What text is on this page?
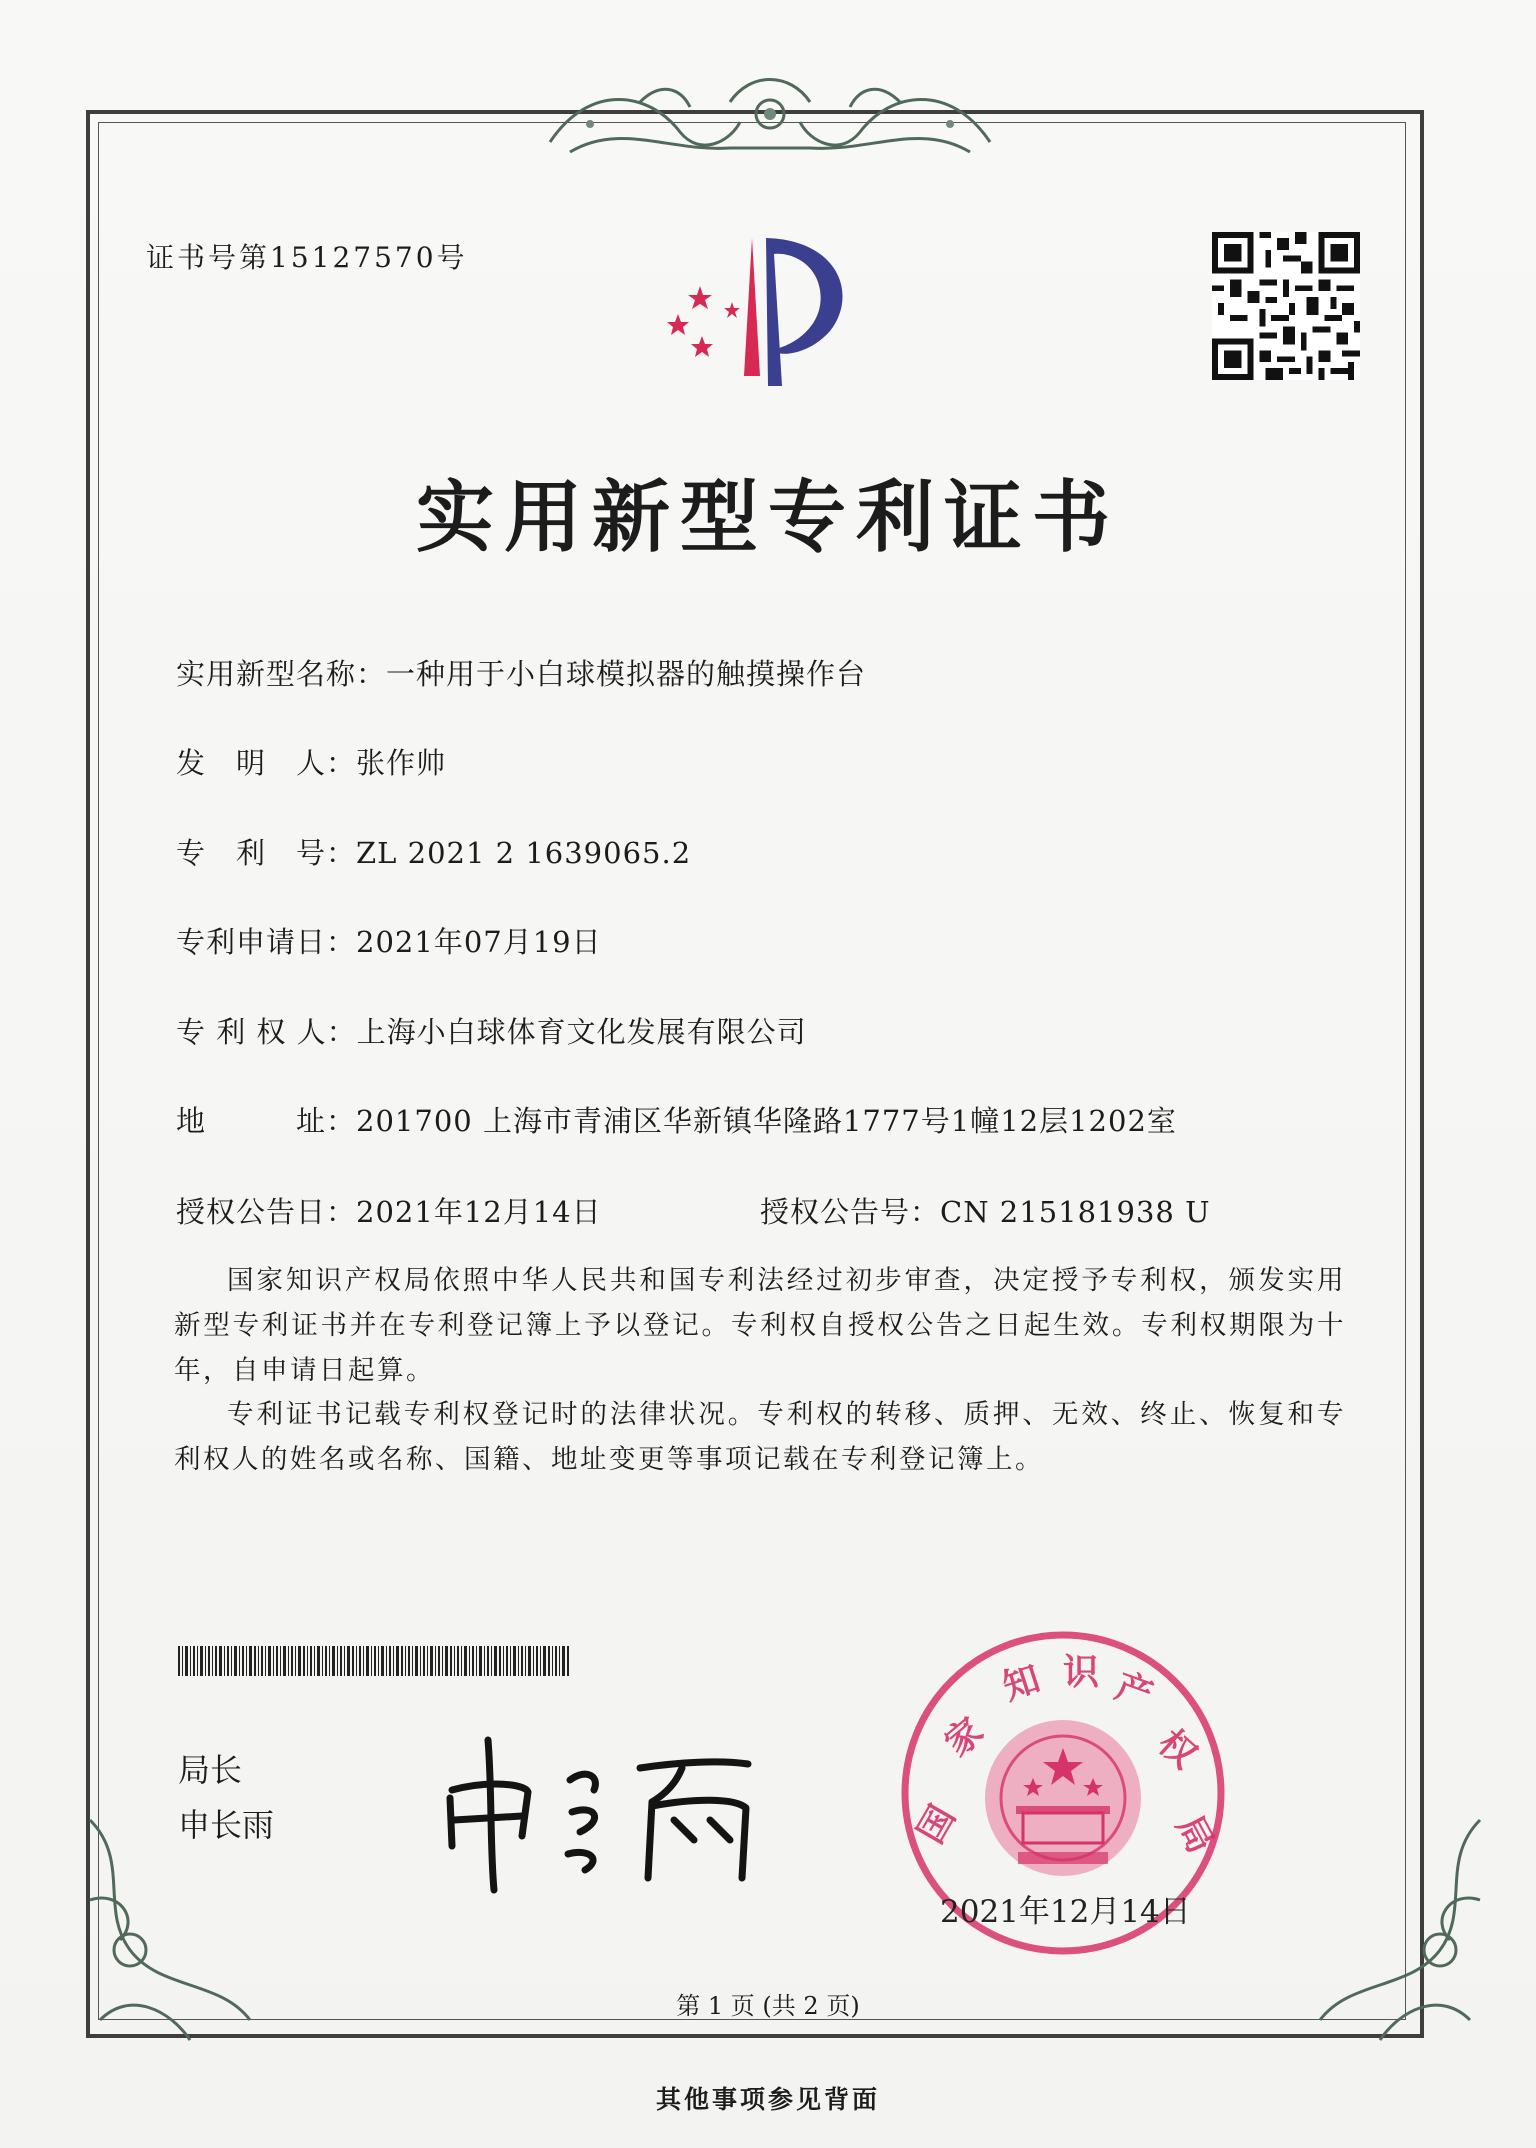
证书号第15127570号
实用新型专利证书
实用新型名称：一种用于小白球模拟器的触摸操作台
发　明　人：张作帅
专　利　号：ZL 2021 2 1639065.2
专利申请日：2021年07月19日
专 利 权 人：上海小白球体育文化发展有限公司
地　　　址：201700 上海市青浦区华新镇华隆路1777号1幢12层1202室
授权公告日：2021年12月14日	授权公告号：CN 215181938 U
国家知识产权局依照中华人民共和国专利法经过初步审查，决定授予专利权，颁发实用新型专利证书并在专利登记簿上予以登记。专利权自授权公告之日起生效。专利权期限为十年，自申请日起算。
专利证书记载专利权登记时的法律状况。专利权的转移、质押、无效、终止、恢复和专利权人的姓名或名称、国籍、地址变更等事项记载在专利登记簿上。
局长
申长雨	国
家
知 识 产
权
局
2021年12月14日
第 1 页 (共 2 页)
其他事项参见背面
